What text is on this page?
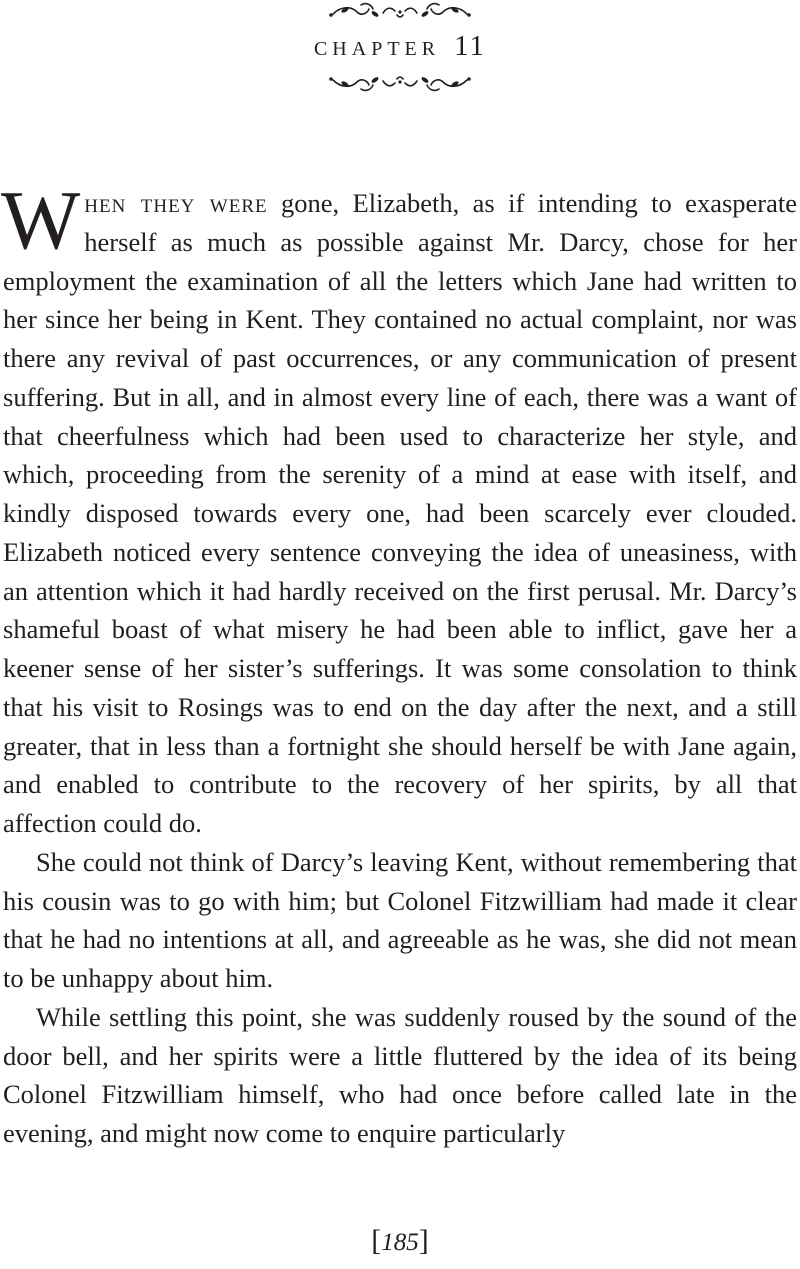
chapter 11

When they were gone, Elizabeth, as if intending to exasperate herself as much as possible against Mr. Darcy, chose for her employment the examination of all the letters which Jane had written to her since her being in Kent. They contained no actual complaint, nor was there any revival of past occurrences, or any communication of present suffering. But in all, and in almost every line of each, there was a want of that cheerfulness which had been used to characterize her style, and which, proceeding from the serenity of a mind at ease with itself, and kindly disposed towards every one, had been scarcely ever clouded. Elizabeth noticed every sentence conveying the idea of uneasiness, with an attention which it had hardly received on the first perusal. Mr. Darcy’s shameful boast of what misery he had been able to inflict, gave her a keener sense of her sister’s sufferings. It was some consolation to think that his visit to Rosings was to end on the day after the next, and a still greater, that in less than a fortnight she should herself be with Jane again, and enabled to contribute to the recovery of her spirits, by all that affection could do.

She could not think of Darcy’s leaving Kent, without remembering that his cousin was to go with him; but Colonel Fitzwilliam had made it clear that he had no intentions at all, and agreeable as he was, she did not mean to be unhappy about him.

While settling this point, she was suddenly roused by the sound of the door bell, and her spirits were a little fluttered by the idea of its being Colonel Fitzwilliam himself, who had once before called late in the evening, and might now come to enquire particularly

[185]
